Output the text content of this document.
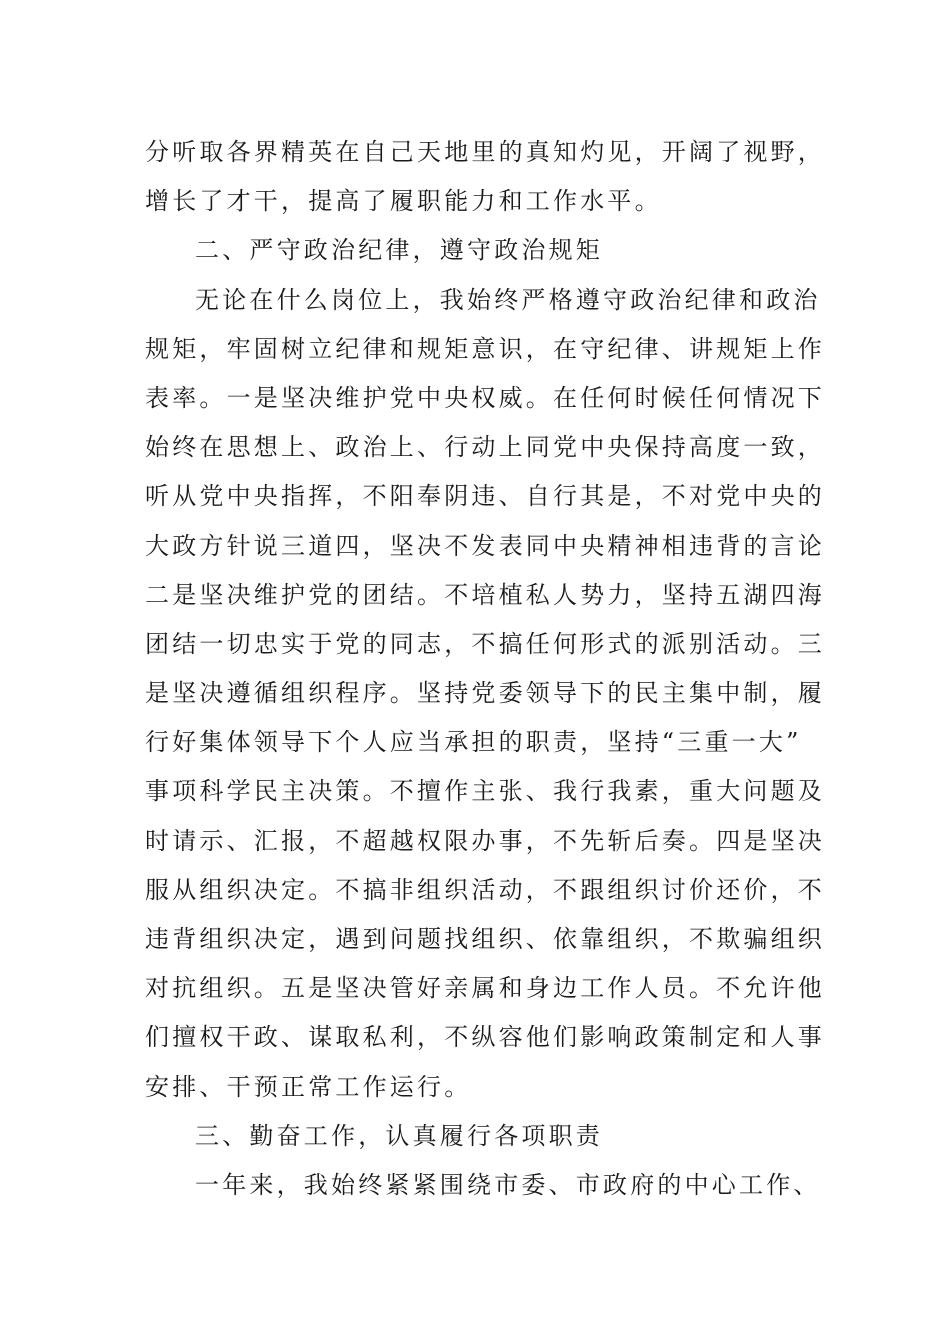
分听取各界精英在自己天地里的真知灼见，开阔了视野，
增长了才干，提高了履职能力和工作水平。
二、严守政治纪律，遵守政治规矩
无论在什么岗位上，我始终严格遵守政治纪律和政治
规矩，牢固树立纪律和规矩意识，在守纪律、讲规矩上作
表率。一是坚决维护党中央权威。在任何时候任何情况下
始终在思想上、政治上、行动上同党中央保持高度一致，
听从党中央指挥，不阳奉阴违、自行其是，不对党中央的
大政方针说三道四，坚决不发表同中央精神相违背的言论
二是坚决维护党的团结。不培植私人势力，坚持五湖四海
团结一切忠实于党的同志，不搞任何形式的派别活动。三
是坚决遵循组织程序。坚持党委领导下的民主集中制，履
行好集体领导下个人应当承担的职责，坚持“三重一大”
事项科学民主决策。不擅作主张、我行我素，重大问题及
时请示、汇报，不超越权限办事，不先斩后奏。四是坚决
服从组织决定。不搞非组织活动，不跟组织讨价还价，不
违背组织决定，遇到问题找组织、依靠组织，不欺骗组织
对抗组织。五是坚决管好亲属和身边工作人员。不允许他
们擅权干政、谋取私利，不纵容他们影响政策制定和人事
安排、干预正常工作运行。
三、勤奋工作，认真履行各项职责
一年来，我始终紧紧围绕市委、市政府的中心工作、
